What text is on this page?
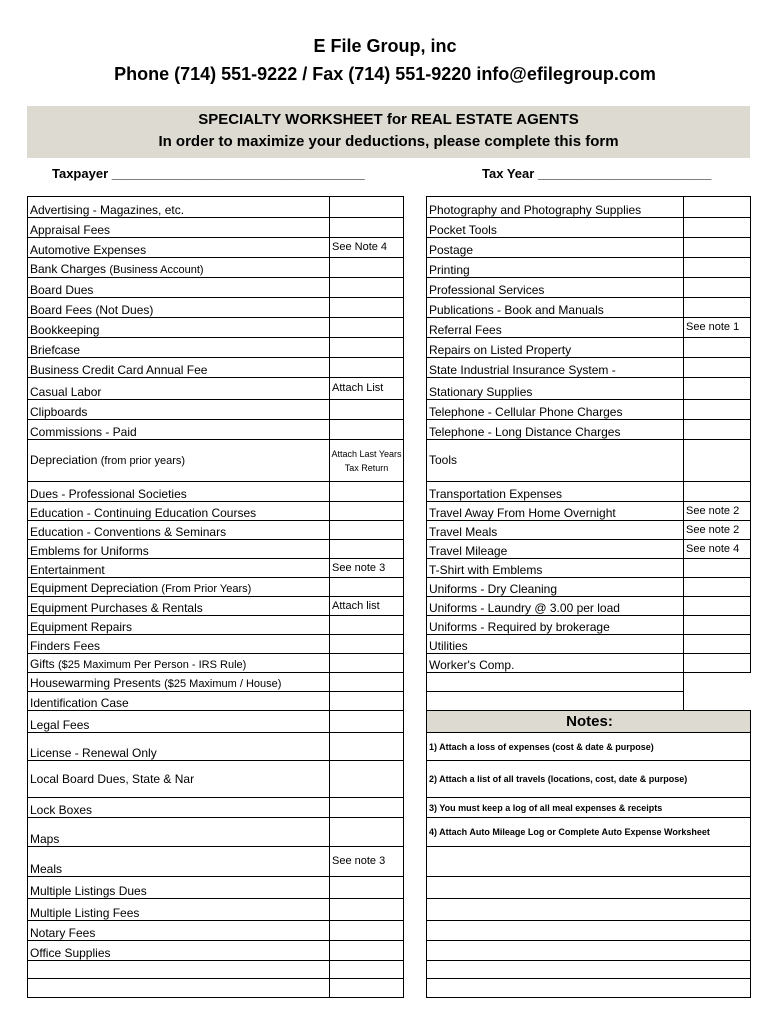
E File Group, inc
Phone (714) 551-9222 / Fax (714) 551-9220 info@efilegroup.com
SPECIALTY WORKSHEET for REAL ESTATE AGENTS
In order to maximize your deductions, please complete this form
Taxpayer ___________________________________	Tax Year ________________________
Advertising - Magazines, etc.	
Appraisal Fees	
Automotive Expenses	See Note 4
Bank Charges (Business Account)	
Board Dues	
Board Fees (Not Dues)	
Bookkeeping	
Briefcase	
Business Credit Card Annual Fee	
Casual Labor	Attach List
Clipboards	
Commissions - Paid	
Depreciation (from prior years)	Attach Last Years Tax Return
Dues - Professional Societies	
Education - Continuing Education Courses	
Education - Conventions & Seminars	
Emblems for Uniforms	
Entertainment	See note 3
Equipment Depreciation (From Prior Years)	
Equipment Purchases & Rentals	Attach list
Equipment Repairs	
Finders Fees	
Gifts ($25 Maximum Per Person - IRS Rule)	
Housewarming Presents ($25 Maximum / House)	
Identification Case	
Legal Fees	
License - Renewal Only	
Local Board Dues, State & Nar	
Lock Boxes	
Maps	
Meals	See note 3
Multiple Listings Dues	
Multiple Listing Fees	
Notary Fees	
Office Supplies	

Photography and Photography Supplies	
Pocket Tools	
Postage	
Printing	
Professional Services	
Publications - Book and Manuals	
Referral Fees	See note 1
Repairs on Listed Property	
State Industrial Insurance System -	
Stationary Supplies	
Telephone - Cellular Phone Charges	
Telephone - Long Distance Charges	
Tools	
Transportation Expenses	
Travel Away From Home Overnight	See note 2
Travel Meals	See note 2
Travel Mileage	See note 4
T-Shirt with Emblems	
Uniforms - Dry Cleaning	
Uniforms - Laundry @ 3.00 per load	
Uniforms - Required by brokerage	
Utilities	
Worker's Comp.	

Notes:	
1) Attach a loss of expenses (cost & date & purpose)	
2) Attach a list of all travels (locations, cost, date & purpose)	
3) You must keep a log of all meal expenses & receipts	
4) Attach Auto Mileage Log or Complete Auto Expense Worksheet	
